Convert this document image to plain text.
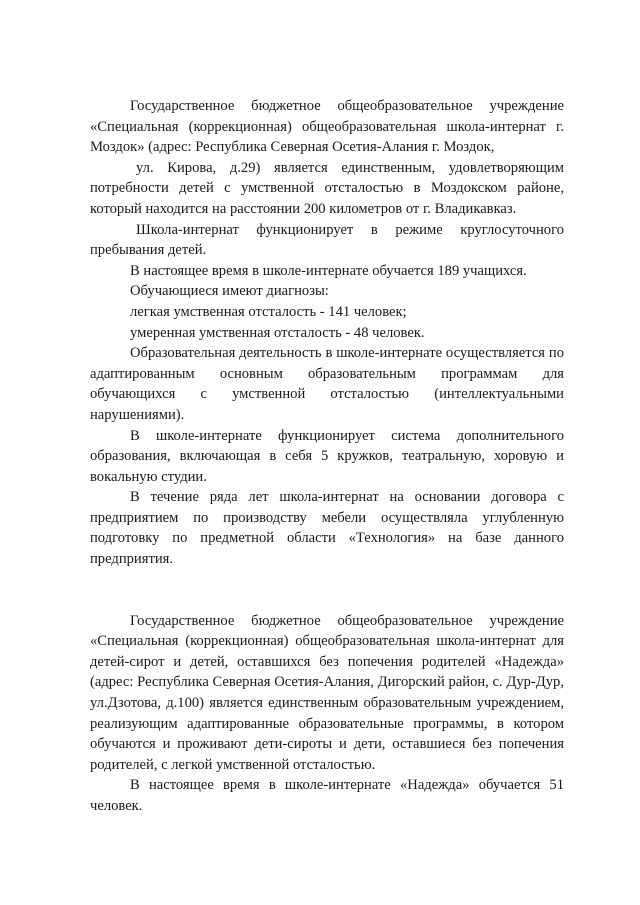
Государственное бюджетное общеобразовательное учреждение «Специальная (коррекционная) общеобразовательная школа-интернат г. Моздок» (адрес: Республика Северная Осетия-Алания г. Моздок,

ул. Кирова, д.29) является единственным, удовлетворяющим потребности детей с умственной отсталостью в Моздокском районе, который находится на расстоянии 200 километров от г. Владикавказ.

Школа-интернат функционирует в режиме круглосуточного пребывания детей.

В настоящее время в школе-интернате обучается 189 учащихся.

Обучающиеся имеют диагнозы:

легкая умственная отсталость - 141 человек;

умеренная умственная отсталость - 48 человек.

Образовательная деятельность в школе-интернате осуществляется по адаптированным основным образовательным программам для обучающихся с умственной отсталостью (интеллектуальными нарушениями).

В школе-интернате функционирует система дополнительного образования, включающая в себя 5 кружков, театральную, хоровую и вокальную студии.

В течение ряда лет школа-интернат на основании договора с предприятием по производству мебели осуществляла углубленную подготовку по предметной области «Технология» на базе данного предприятия.

Государственное бюджетное общеобразовательное учреждение «Специальная (коррекционная) общеобразовательная школа-интернат для детей-сирот и детей, оставшихся без попечения родителей «Надежда» (адрес: Республика Северная Осетия-Алания, Дигорский район, с. Дур-Дур, ул.Дзотова, д.100) является единственным образовательным учреждением, реализующим адаптированные образовательные программы, в котором обучаются и проживают дети-сироты и дети, оставшиеся без попечения родителей, с легкой умственной отсталостью.

В настоящее время в школе-интернате «Надежда» обучается 51 человек.
